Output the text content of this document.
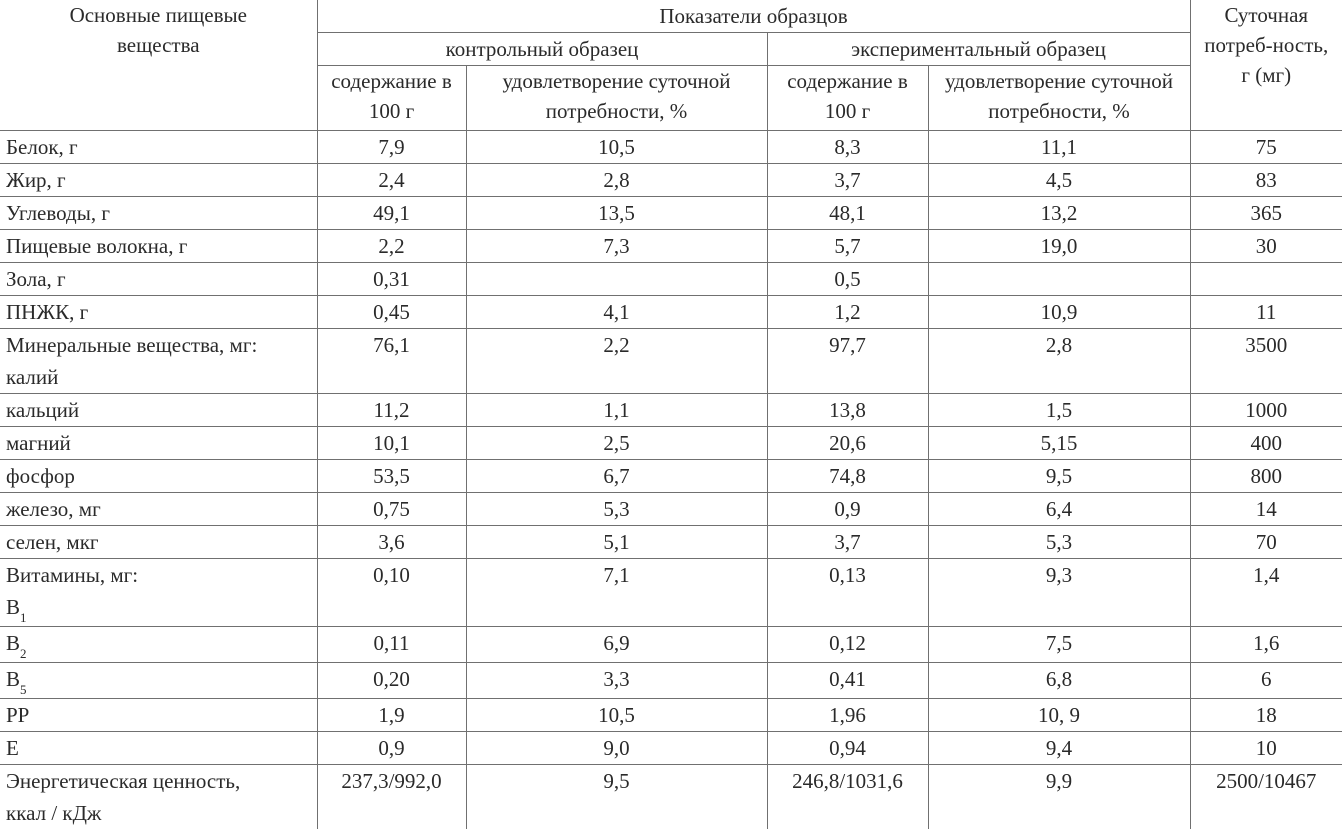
Основные пищевые вещества	Показатели образцов				Суточная потреб-ность, г (мг)

	контрольный образец		экспериментальный образец		

	содержание в 100 г	удовлетворение суточной потребности, %	содержание в 100 г	удовлетворение суточной потребности, %	

Белок, г	7,9	10,5	8,3	11,1	75
Жир, г	2,4	2,8	3,7	4,5	83
Углеводы, г	49,1	13,5	48,1	13,2	365
Пищевые волокна, г	2,2	7,3	5,7	19,0	30
Зола, г	0,31		0,5		
ПНЖК, г	0,45	4,1	1,2	10,9	11

Минеральные вещества, мг:
калий	76,1	2,2	97,7	2,8	3500
кальций	11,2	1,1	13,8	1,5	1000
магний	10,1	2,5	20,6	5,15	400
фосфор	53,5	6,7	74,8	9,5	800
железо, мг	0,75	5,3	0,9	6,4	14
селен, мкг	3,6	5,1	3,7	5,3	70

Витамины, мг:
$B_1$	0,10	7,1	0,13	9,3	1,4
$B_2$	0,11	6,9	0,12	7,5	1,6
$B_5$	0,20	3,3	0,41	6,8	6
PP	1,9	10,5	1,96	10, 9	18
E	0,9	9,0	0,94	9,4	10

Энергетическая ценность,
ккал / кДж	237,3/992,0	9,5	246,8/1031,6	9,9	2500/10467
